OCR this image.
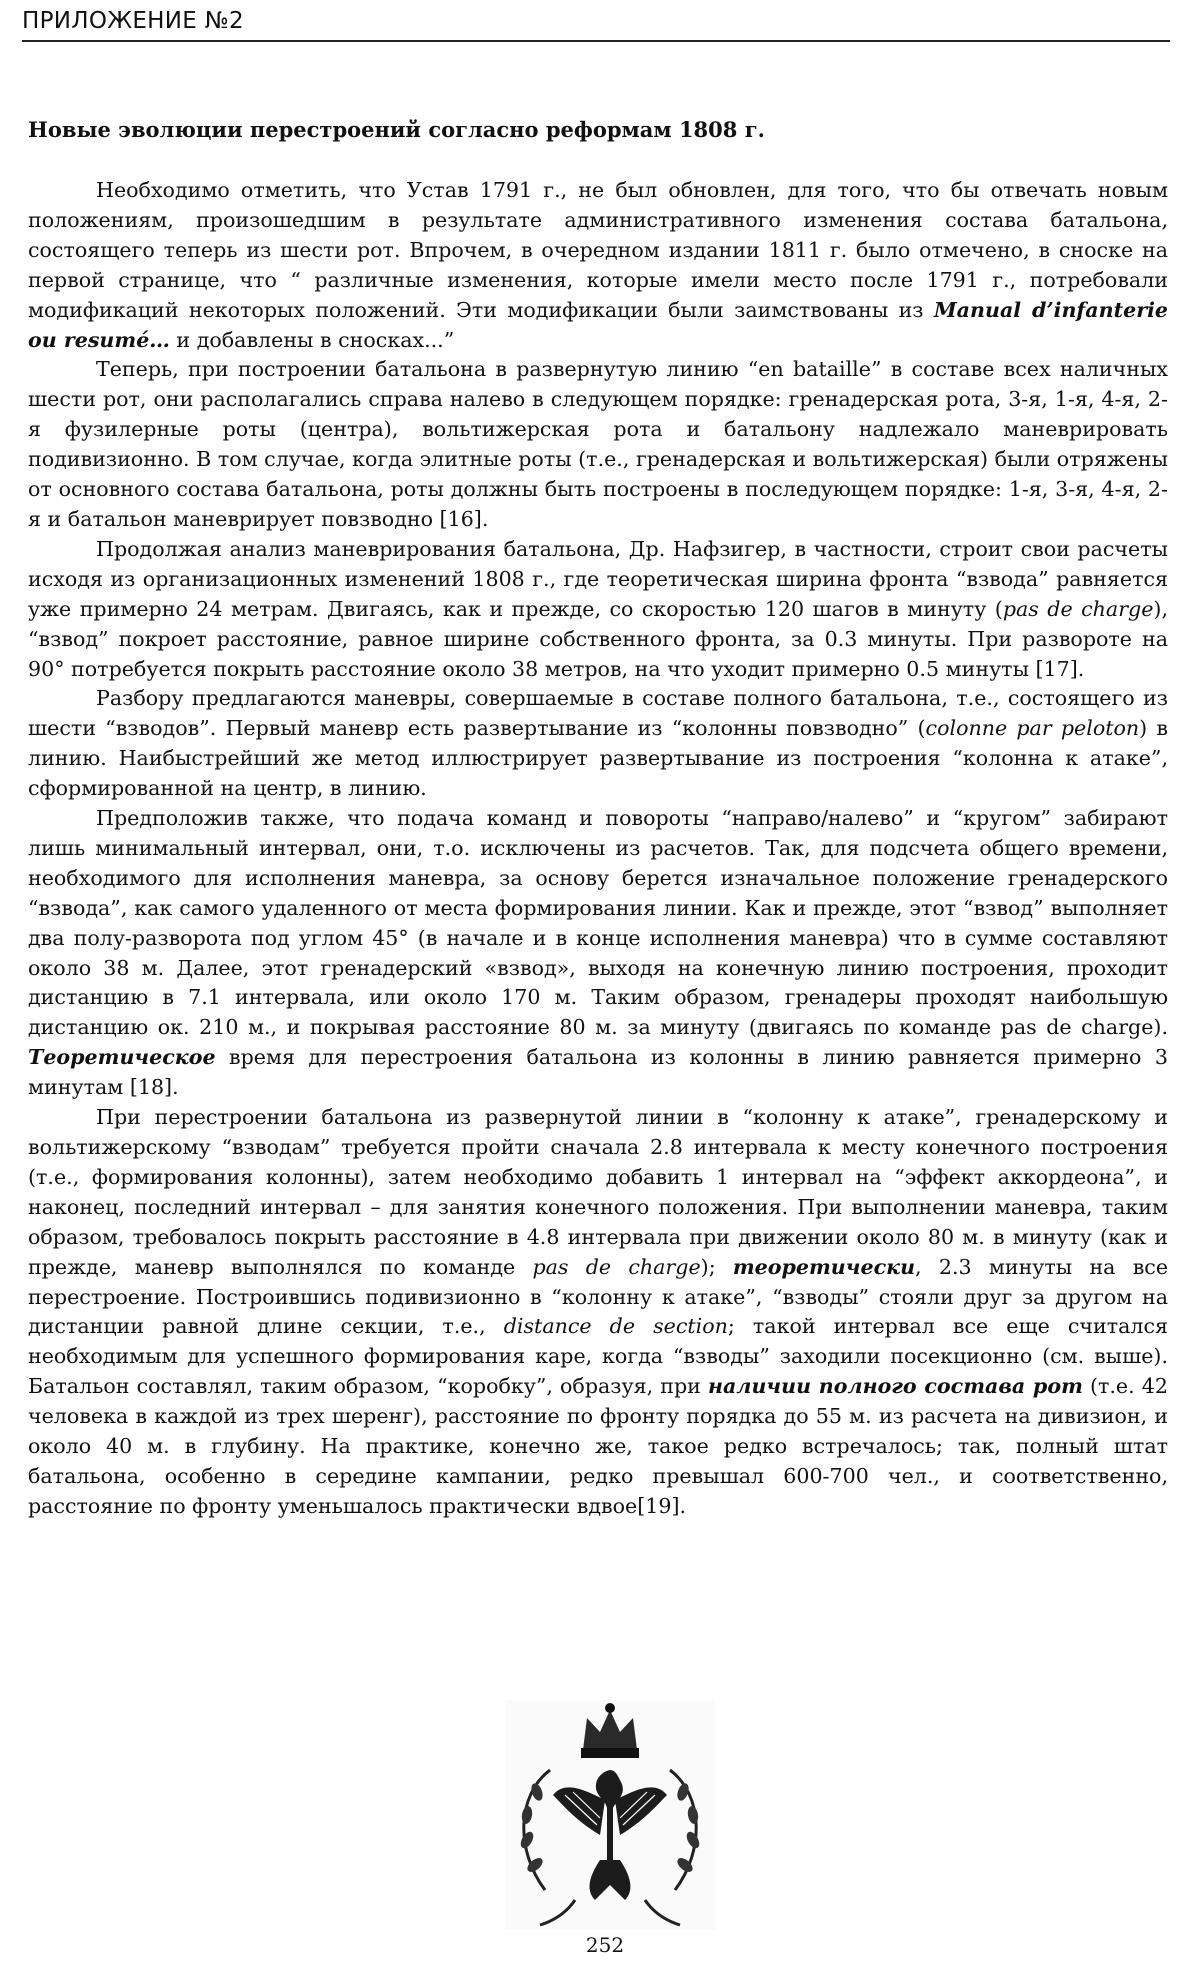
ПРИЛОЖЕНИЕ №2
Новые эволюции перестроений согласно реформам 1808 г.

Необходимо отметить, что Устав 1791 г., не был обновлен, для того, что бы отвечать новым положениям, произошедшим в результате административного изменения состава батальона, состоящего теперь из шести рот. Впрочем, в очередном издании 1811 г. было отмечено, в сноске на первой странице, что “ различные изменения, которые имели место после 1791 г., потребовали модификаций некоторых положений. Эти модификации были заимствованы из Manual d’infanterie ou resumé… и добавлены в сносках...”

Теперь, при построении батальона в развернутую линию “en bataille” в составе всех наличных шести рот, они располагались справа налево в следующем порядке: гренадерская рота, 3-я, 1-я, 4-я, 2-я фузилерные роты (центра), вольтижерская рота и батальону надлежало маневрировать подивизионно. В том случае, когда элитные роты (т.е., гренадерская и вольтижерская) были отряжены от основного состава батальона, роты должны быть построены в последующем порядке: 1-я, 3-я, 4-я, 2-я и батальон маневрирует повзводно [16].

Продолжая анализ маневрирования батальона, Др. Нафзигер, в частности, строит свои расчеты исходя из организационных изменений 1808 г., где теоретическая ширина фронта “взвода” равняется уже примерно 24 метрам. Двигаясь, как и прежде, со скоростью 120 шагов в минуту (pas de charge), “взвод” покроет расстояние, равное ширине собственного фронта, за 0.3 минуты. При развороте на 90° потребуется покрыть расстояние около 38 метров, на что уходит примерно 0.5 минуты [17].

Разбору предлагаются маневры, совершаемые в составе полного батальона, т.е., состоящего из шести “взводов”. Первый маневр есть развертывание из “колонны повзводно” (colonne par peloton) в линию. Наибыстрейший же метод иллюстрирует развертывание из построения “колонна к атаке”, сформированной на центр, в линию.

Предположив также, что подача команд и повороты “направо/налево” и “кругом” забирают лишь минимальный интервал, они, т.о. исключены из расчетов. Так, для подсчета общего времени, необходимого для исполнения маневра, за основу берется изначальное положение гренадерского “взвода”, как самого удаленного от места формирования линии. Как и прежде, этот “взвод” выполняет два полу-разворота под углом 45° (в начале и в конце исполнения маневра) что в сумме составляют около 38 м. Далее, этот гренадерский «взвод», выходя на конечную линию построения, проходит дистанцию в 7.1 интервала, или около 170 м. Таким образом, гренадеры проходят наибольшую дистанцию ок. 210 м., и покрывая расстояние 80 м. за минуту (двигаясь по команде pas de charge). Теоретическое время для перестроения батальона из колонны в линию равняется примерно 3 минутам [18].

При перестроении батальона из развернутой линии в “колонну к атаке”, гренадерскому и вольтижерскому “взводам” требуется пройти сначала 2.8 интервала к месту конечного построения (т.е., формирования колонны), затем необходимо добавить 1 интервал на “эффект аккордеона”, и наконец, последний интервал – для занятия конечного положения. При выполнении маневра, таким образом, требовалось покрыть расстояние в 4.8 интервала при движении около 80 м. в минуту (как и прежде, маневр выполнялся по команде pas de charge); теоретически, 2.3 минуты на все перестроение. Построившись подивизионно в “колонну к атаке”, “взводы” стояли друг за другом на дистанции равной длине секции, т.е., distance de section; такой интервал все еще считался необходимым для успешного формирования каре, когда “взводы” заходили посекционно (см. выше). Батальон составлял, таким образом, “коробку”, образуя, при наличии полного состава рот (т.е. 42 человека в каждой из трех шеренг), расстояние по фронту порядка до 55 м. из расчета на дивизион, и около 40 м. в глубину. На практике, конечно же, такое редко встречалось; так, полный штат батальона, особенно в середине кампании, редко превышал 600-700 чел., и соответственно, расстояние по фронту уменьшалось практически вдвое[19].

252
